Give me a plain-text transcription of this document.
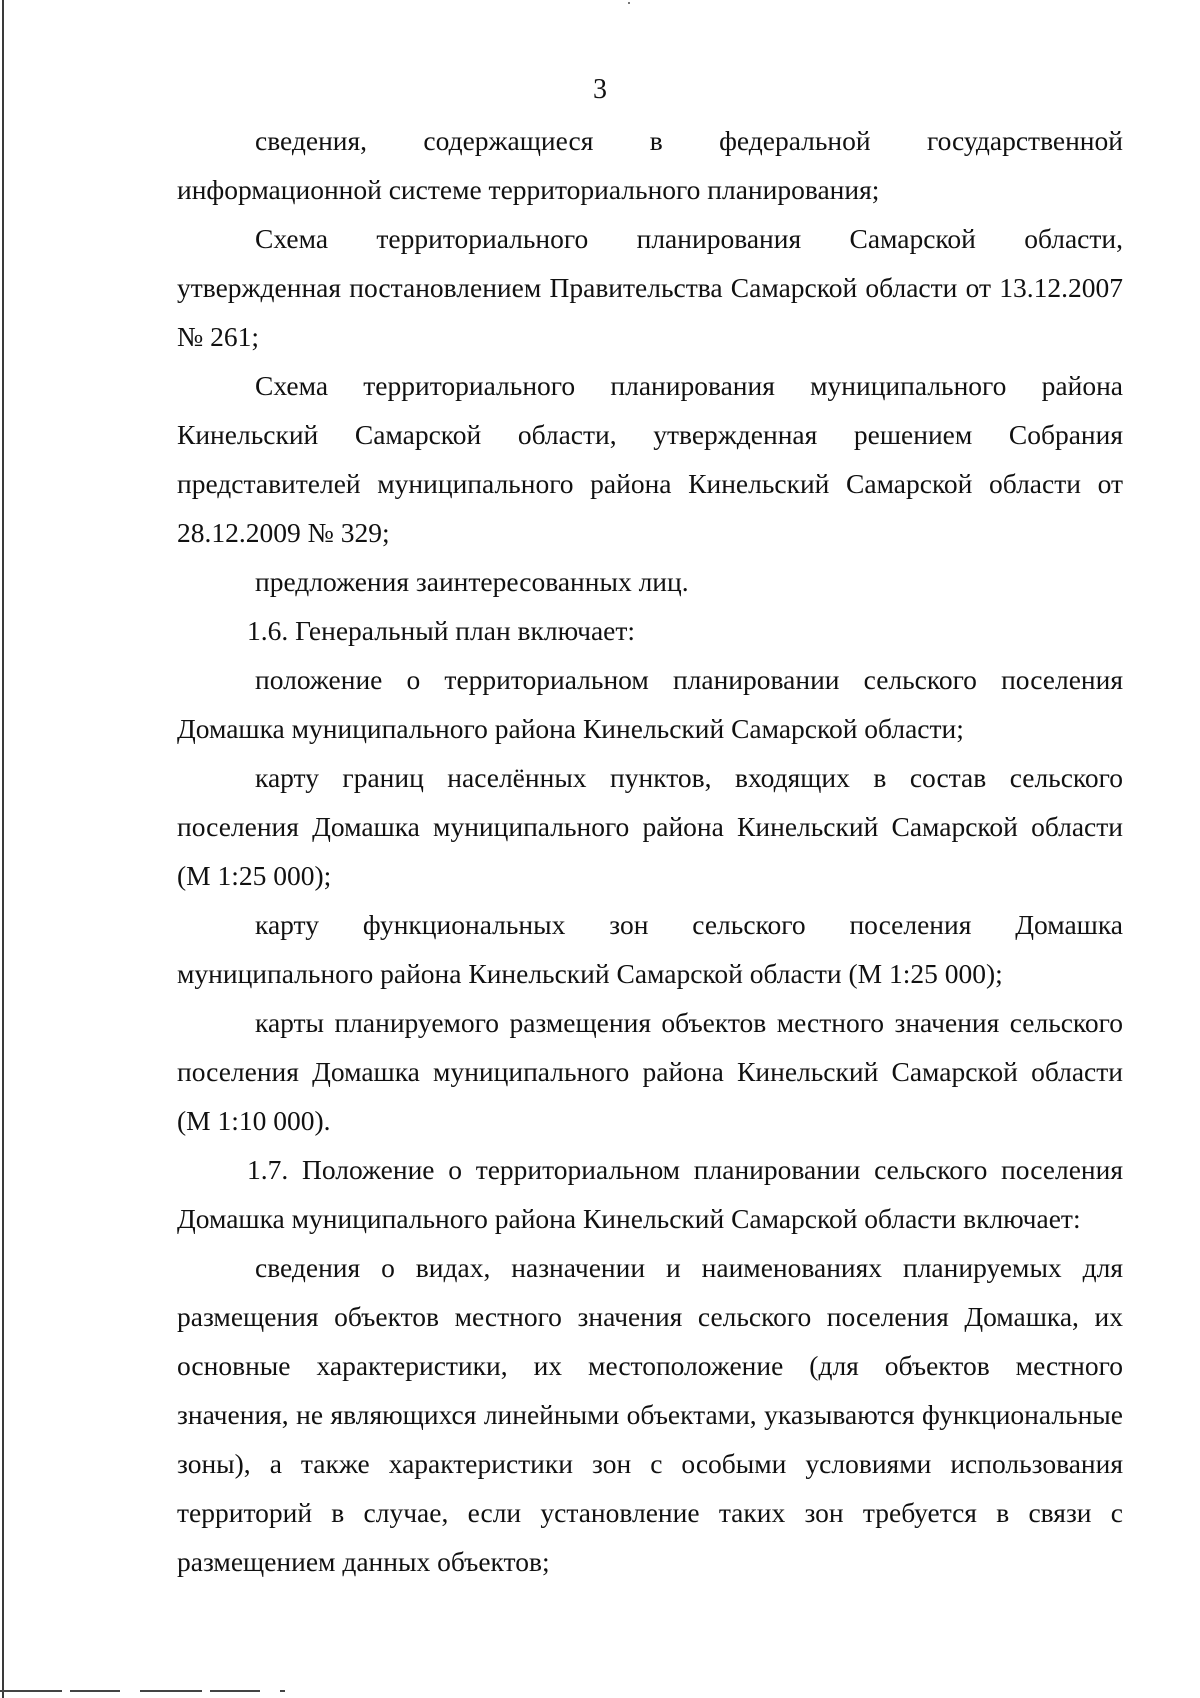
3

сведения, содержащиеся в федеральной государственной информационной системе территориального планирования;

Схема территориального планирования Самарской области, утвержденная постановлением Правительства Самарской области от 13.12.2007 № 261;

Схема территориального планирования муниципального района Кинельский Самарской области, утвержденная решением Собрания представителей муниципального района Кинельский Самарской области от 28.12.2009 № 329;

предложения заинтересованных лиц.

1.6. Генеральный план включает:

положение о территориальном планировании сельского поселения Домашка муниципального района Кинельский Самарской области;

карту границ населённых пунктов, входящих в состав сельского поселения Домашка муниципального района Кинельский Самарской области (М 1:25 000);

карту функциональных зон сельского поселения Домашка муниципального района Кинельский Самарской области (М 1:25 000);

карты планируемого размещения объектов местного значения сельского поселения Домашка муниципального района Кинельский Самарской области (М 1:10 000).

1.7. Положение о территориальном планировании сельского поселения Домашка муниципального района Кинельский Самарской области включает:

сведения о видах, назначении и наименованиях планируемых для размещения объектов местного значения сельского поселения Домашка, их основные характеристики, их местоположение (для объектов местного значения, не являющихся линейными объектами, указываются функциональные зоны), а также характеристики зон с особыми условиями использования территорий в случае, если установление таких зон требуется в связи с размещением данных объектов;
